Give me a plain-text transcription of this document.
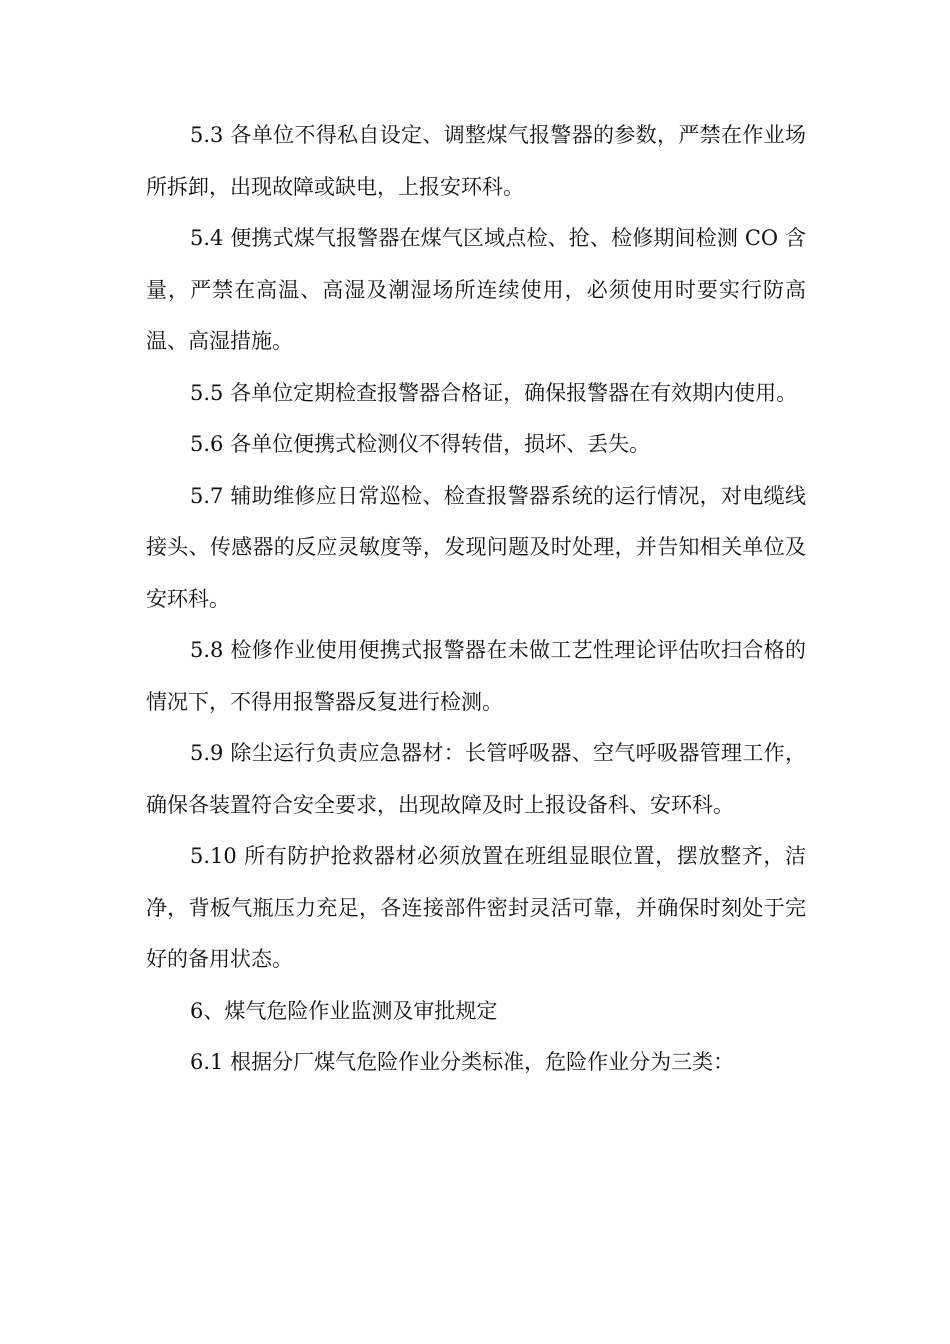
5.3 各单位不得私自设定、调整煤气报警器的参数，严禁在作业场所拆卸，出现故障或缺电，上报安环科。

5.4 便携式煤气报警器在煤气区域点检、抢、检修期间检测 CO 含量，严禁在高温、高湿及潮湿场所连续使用，必须使用时要实行防高温、高湿措施。

5.5 各单位定期检查报警器合格证，确保报警器在有效期内使用。

5.6 各单位便携式检测仪不得转借，损坏、丢失。

5.7 辅助维修应日常巡检、检查报警器系统的运行情况，对电缆线接头、传感器的反应灵敏度等，发现问题及时处理，并告知相关单位及安环科。

5.8 检修作业使用便携式报警器在未做工艺性理论评估吹扫合格的情况下，不得用报警器反复进行检测。

5.9 除尘运行负责应急器材：长管呼吸器、空气呼吸器管理工作，确保各装置符合安全要求，出现故障及时上报设备科、安环科。

5.10 所有防护抢救器材必须放置在班组显眼位置，摆放整齐，洁净，背板气瓶压力充足，各连接部件密封灵活可靠，并确保时刻处于完好的备用状态。

6、煤气危险作业监测及审批规定

6.1 根据分厂煤气危险作业分类标准，危险作业分为三类：
